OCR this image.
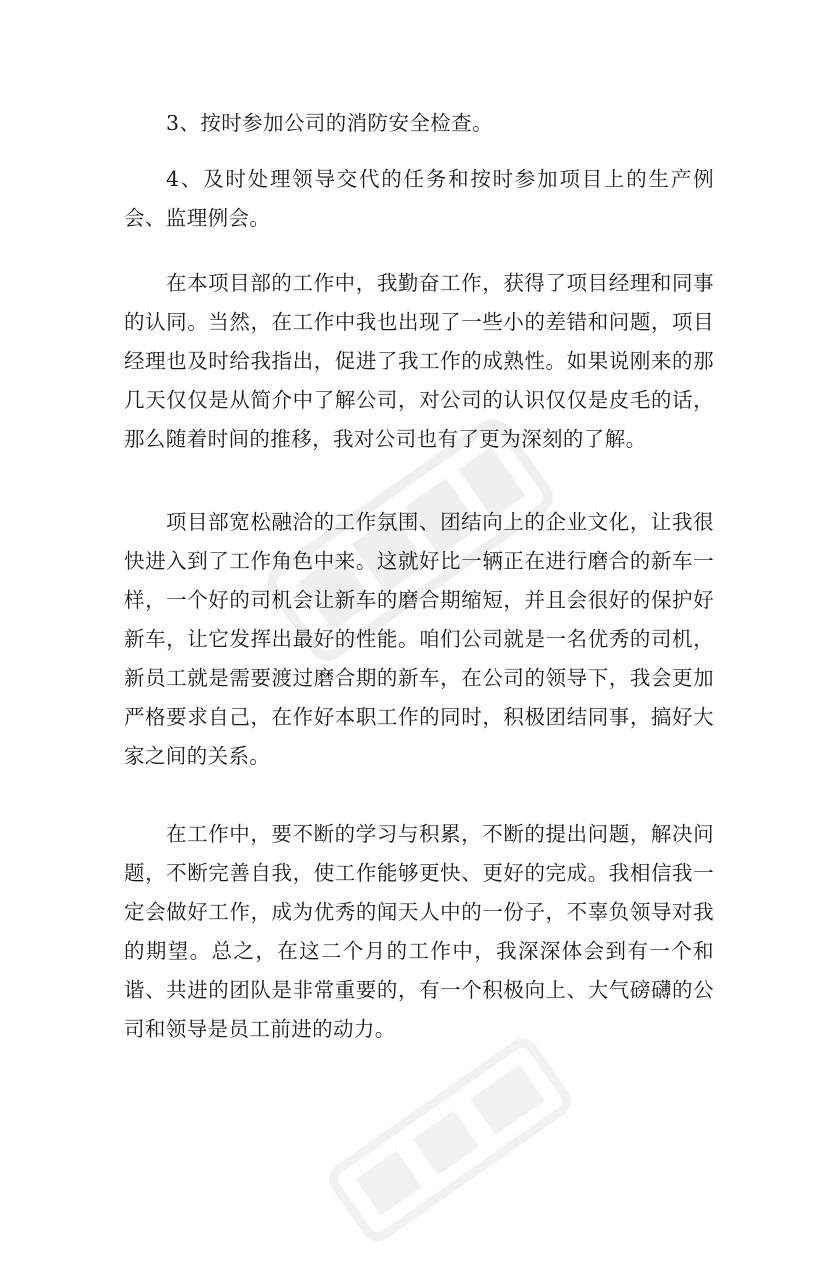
3、按时参加公司的消防安全检查。

4、及时处理领导交代的任务和按时参加项目上的生产例会、监理例会。

在本项目部的工作中，我勤奋工作，获得了项目经理和同事的认同。当然，在工作中我也出现了一些小的差错和问题，项目经理也及时给我指出，促进了我工作的成熟性。如果说刚来的那几天仅仅是从简介中了解公司，对公司的认识仅仅是皮毛的话，那么随着时间的推移，我对公司也有了更为深刻的了解。

项目部宽松融洽的工作氛围、团结向上的企业文化，让我很快进入到了工作角色中来。这就好比一辆正在进行磨合的新车一样，一个好的司机会让新车的磨合期缩短，并且会很好的保护好新车，让它发挥出最好的性能。咱们公司就是一名优秀的司机，新员工就是需要渡过磨合期的新车，在公司的领导下，我会更加严格要求自己，在作好本职工作的同时，积极团结同事，搞好大家之间的关系。

在工作中，要不断的学习与积累，不断的提出问题，解决问题，不断完善自我，使工作能够更快、更好的完成。我相信我一定会做好工作，成为优秀的闻天人中的一份子，不辜负领导对我的期望。总之，在这二个月的工作中，我深深体会到有一个和谐、共进的团队是非常重要的，有一个积极向上、大气磅礴的公司和领导是员工前进的动力。
